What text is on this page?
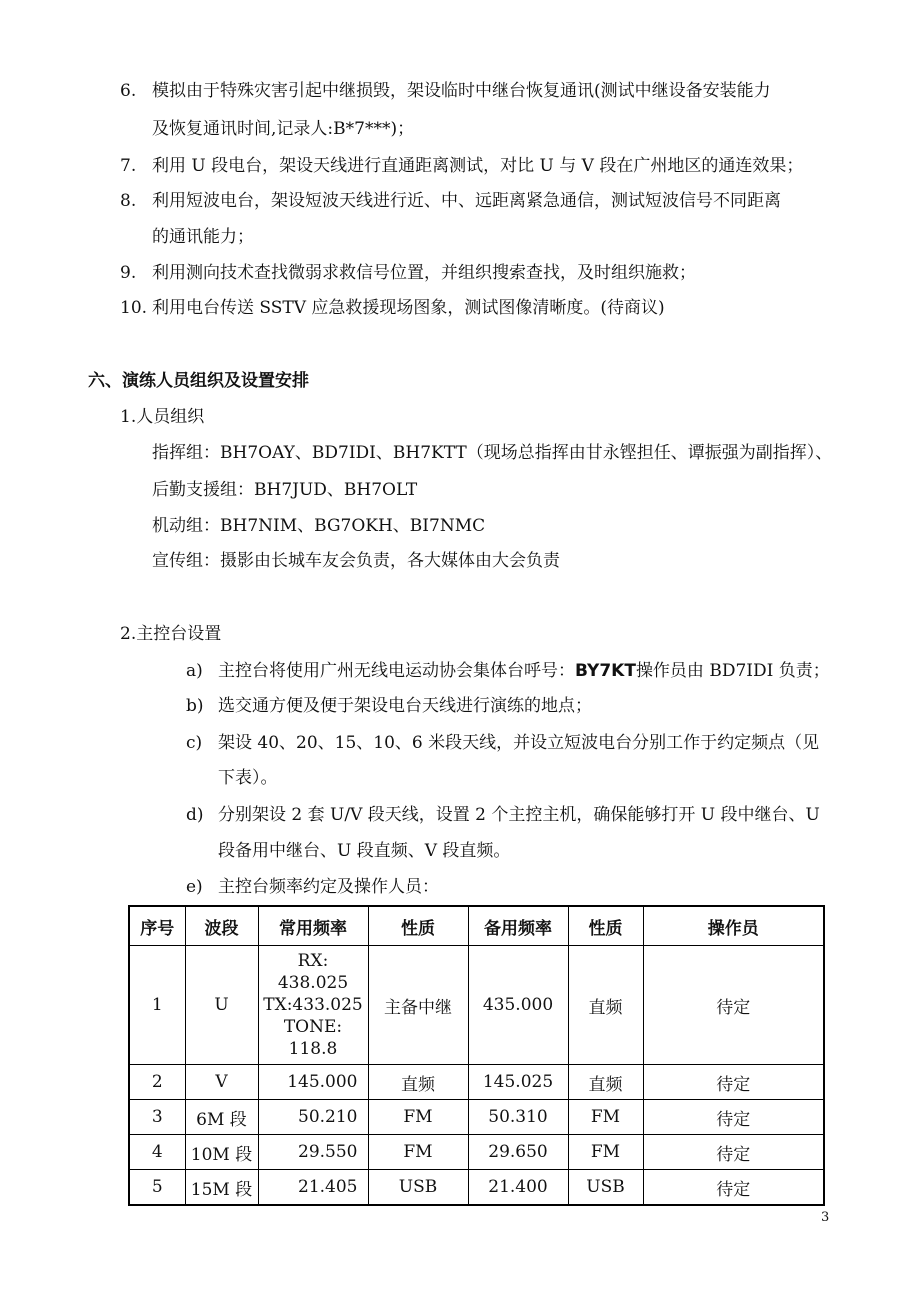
6. 模拟由于特殊灾害引起中继损毁，架设临时中继台恢复通讯(测试中继设备安装能力
及恢复通讯时间,记录人:B*7***)；
7. 利用 U 段电台，架设天线进行直通距离测试，对比 U 与 V 段在广州地区的通连效果；
8. 利用短波电台，架设短波天线进行近、中、远距离紧急通信，测试短波信号不同距离
的通讯能力；
9. 利用测向技术查找微弱求救信号位置，并组织搜索查找，及时组织施救；
10. 利用电台传送 SSTV 应急救援现场图象，测试图像清晰度。(待商议)
六、演练人员组织及设置安排
1.人员组织
指挥组：BH7OAY、BD7IDI、BH7KTT（现场总指挥由甘永铿担任、谭振强为副指挥）、
后勤支援组：BH7JUD、BH7OLT
机动组：BH7NIM、BG7OKH、BI7NMC
宣传组：摄影由长城车友会负责，各大媒体由大会负责
2.主控台设置
a) 主控台将使用广州无线电运动协会集体台呼号：BY7KT操作员由 BD7IDI 负责；
b) 选交通方便及便于架设电台天线进行演练的地点；
c) 架设 40、20、15、10、6 米段天线，并设立短波电台分别工作于约定频点（见
下表）。
d) 分别架设 2 套 U/V 段天线，设置 2 个主控主机，确保能够打开 U 段中继台、U
段备用中继台、U 段直频、V 段直频。
e) 主控台频率约定及操作人员：
序号	波段	常用频率	性质	备用频率	性质	操作员
1	U	RX:
438.025
TX:433.025
TONE:
118.8	主备中继	435.000	直频	待定
2	V	145.000	直频	145.025	直频	待定
3	6M 段	50.210	FM	50.310	FM	待定
4	10M 段	29.550	FM	29.650	FM	待定
5	15M 段	21.405	USB	21.400	USB	待定
3
